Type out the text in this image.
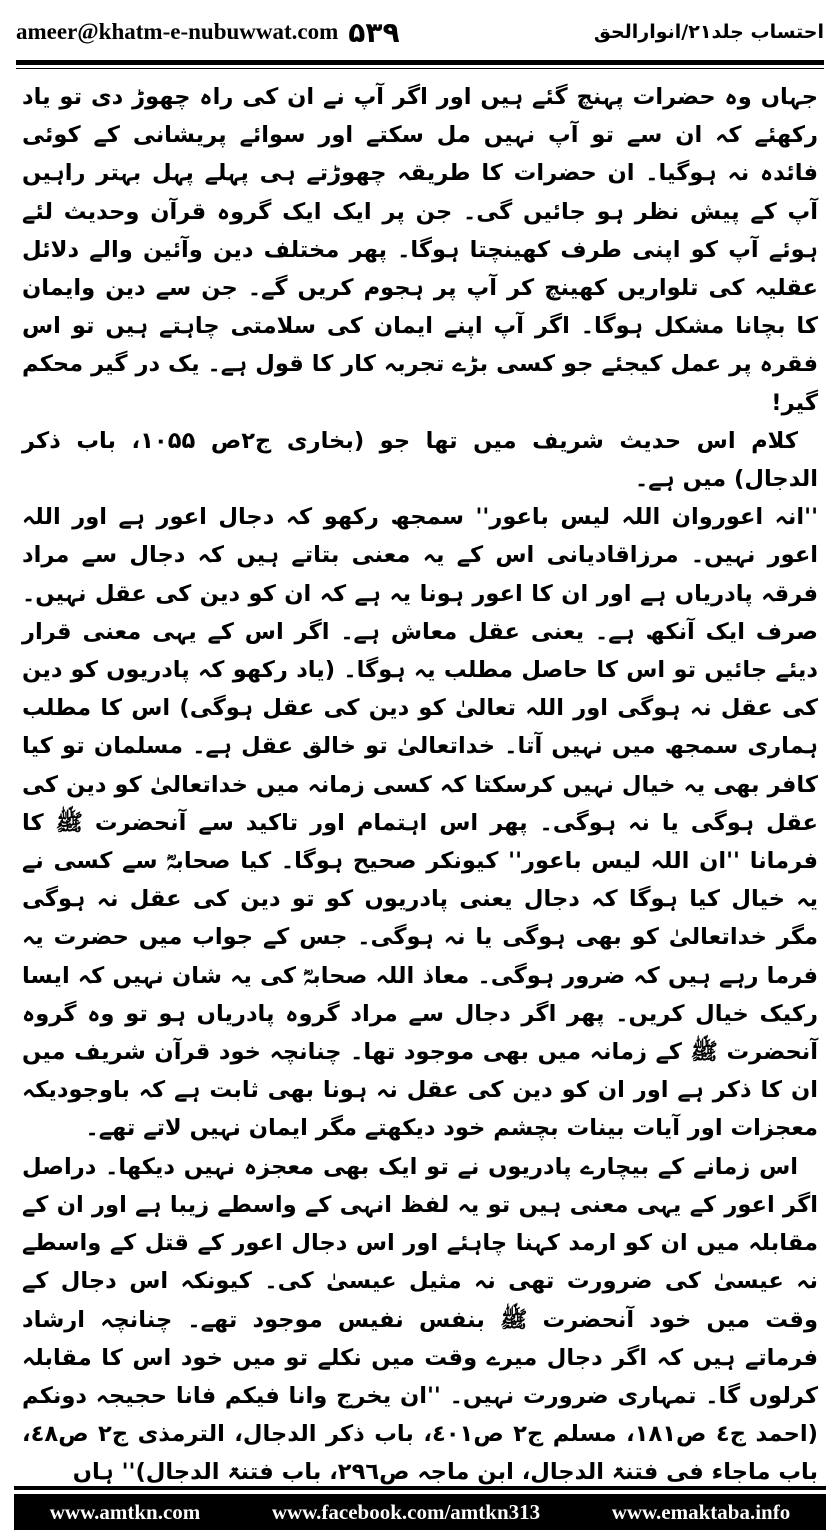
ameer@khatm-e-nubuwwat.com ۵۳۹	احتساب جلد۲۱/انوارالحق

جہاں وہ حضرات پہنچ گئے ہیں اور اگر آپ نے ان کی راہ چھوڑ دی تو یاد رکھئے کہ ان سے تو آپ نہیں مل سکتے اور سوائے پریشانی کے کوئی فائدہ نہ ہوگیا۔ ان حضرات کا طریقہ چھوڑتے ہی پہلے پہل بہتر راہیں آپ کے پیش نظر ہو جائیں گی۔ جن پر ایک ایک گروہ قرآن وحدیث لئے ہوئے آپ کو اپنی طرف کھینچتا ہوگا۔ پھر مختلف دین وآئین والے دلائل عقلیہ کی تلواریں کھینچ کر آپ پر ہجوم کریں گے۔ جن سے دین وایمان کا بچانا مشکل ہوگا۔ اگر آپ اپنے ایمان کی سلامتی چاہتے ہیں تو اس فقرہ پر عمل کیجئے جو کسی بڑے تجربہ کار کا قول ہے۔ یک در گیر محکم گیر!

کلام اس حدیث شریف میں تھا جو (بخاری ج۲ص ۱۰۵۵، باب ذکر الدجال) میں ہے۔

''انہ اعوروان اللہ لیس باعور'' سمجھ رکھو کہ دجال اعور ہے اور اللہ اعور نہیں۔ مرزاقادیانی اس کے یہ معنی بتاتے ہیں کہ دجال سے مراد فرقہ پادریاں ہے اور ان کا اعور ہونا یہ ہے کہ ان کو دین کی عقل نہیں۔ صرف ایک آنکھ ہے۔ یعنی عقل معاش ہے۔ اگر اس کے یہی معنی قرار دیئے جائیں تو اس کا حاصل مطلب یہ ہوگا۔ (یاد رکھو کہ پادریوں کو دین کی عقل نہ ہوگی اور اللہ تعالیٰ کو دین کی عقل ہوگی) اس کا مطلب ہماری سمجھ میں نہیں آتا۔ خداتعالیٰ تو خالق عقل ہے۔ مسلمان تو کیا کافر بھی یہ خیال نہیں کرسکتا کہ کسی زمانہ میں خداتعالیٰ کو دین کی عقل ہوگی یا نہ ہوگی۔ پھر اس اہتمام اور تاکید سے آنحضرت ﷺ کا فرمانا ''ان اللہ لیس باعور'' کیونکر صحیح ہوگا۔ کیا صحابہؓ سے کسی نے یہ خیال کیا ہوگا کہ دجال یعنی پادریوں کو تو دین کی عقل نہ ہوگی مگر خداتعالیٰ کو بھی ہوگی یا نہ ہوگی۔ جس کے جواب میں حضرت یہ فرما رہے ہیں کہ ضرور ہوگی۔ معاذ اللہ صحابہؓ کی یہ شان نہیں کہ ایسا رکیک خیال کریں۔ پھر اگر دجال سے مراد گروہ پادریاں ہو تو وہ گروہ آنحضرت ﷺ کے زمانہ میں بھی موجود تھا۔ چنانچہ خود قرآن شریف میں ان کا ذکر ہے اور ان کو دین کی عقل نہ ہونا بھی ثابت ہے کہ باوجودیکہ معجزات اور آیات بینات بچشم خود دیکھتے مگر ایمان نہیں لاتے تھے۔

اس زمانے کے بیچارے پادریوں نے تو ایک بھی معجزہ نہیں دیکھا۔ دراصل اگر اعور کے یہی معنی ہیں تو یہ لفظ انہی کے واسطے زیبا ہے اور ان کے مقابلہ میں ان کو ارمد کہنا چاہئے اور اس دجال اعور کے قتل کے واسطے نہ عیسیٰ کی ضرورت تھی نہ مثیل عیسیٰ کی۔ کیونکہ اس دجال کے وقت میں خود آنحضرت ﷺ بنفس نفیس موجود تھے۔ چنانچہ ارشاد فرماتے ہیں کہ اگر دجال میرے وقت میں نکلے تو میں خود اس کا مقابلہ کرلوں گا۔ تمہاری ضرورت نہیں۔ ''ان یخرج وانا فیکم فانا حجیجہ دونکم (احمد ج٤ ص١٨١، مسلم ج٢ ص٤٠١، باب ذکر الدجال، الترمذی ج٢ ص٤٨، باب ماجاء فی فتنۃ الدجال، ابن ماجہ ص٢٩٦، باب فتنۃ الدجال)'' ہاں

www.amtkn.com	www.facebook.com/amtkn313	www.emaktaba.info
